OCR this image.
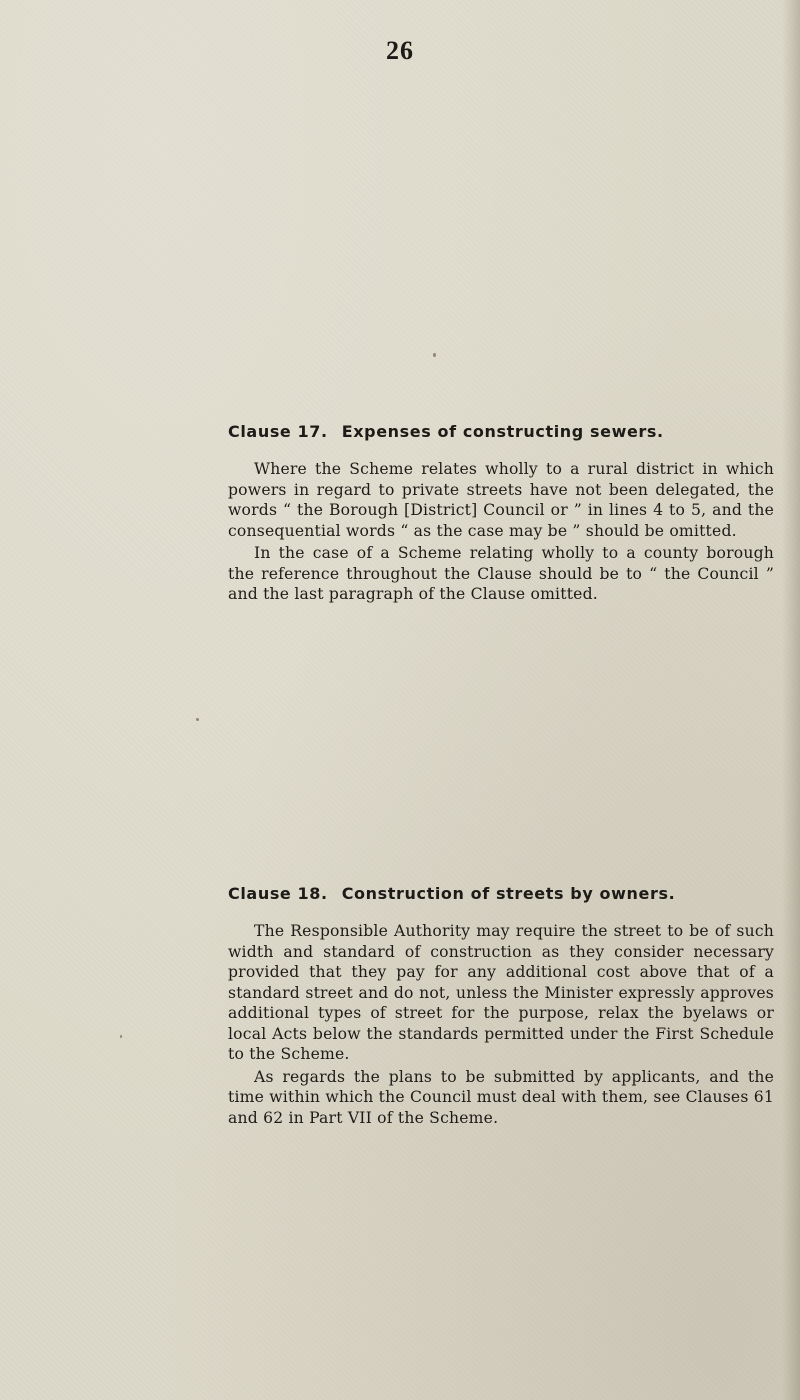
26
Clause 17. Expenses of constructing sewers.

Where the Scheme relates wholly to a rural district in which powers in regard to private streets have not been delegated, the words “ the Borough [District] Council or ” in lines 4 to 5, and the consequential words “ as the case may be ” should be omitted.

In the case of a Scheme relating wholly to a county borough the reference throughout the Clause should be to “ the Council ” and the last paragraph of the Clause omitted.

Clause 18. Construction of streets by owners.

The Responsible Authority may require the street to be of such width and standard of construction as they consider necessary provided that they pay for any additional cost above that of a standard street and do not, unless the Minister expressly approves additional types of street for the purpose, relax the byelaws or local Acts below the standards permitted under the First Schedule to the Scheme.

As regards the plans to be submitted by applicants, and the time within which the Council must deal with them, see Clauses 61 and 62 in Part VII of the Scheme.
